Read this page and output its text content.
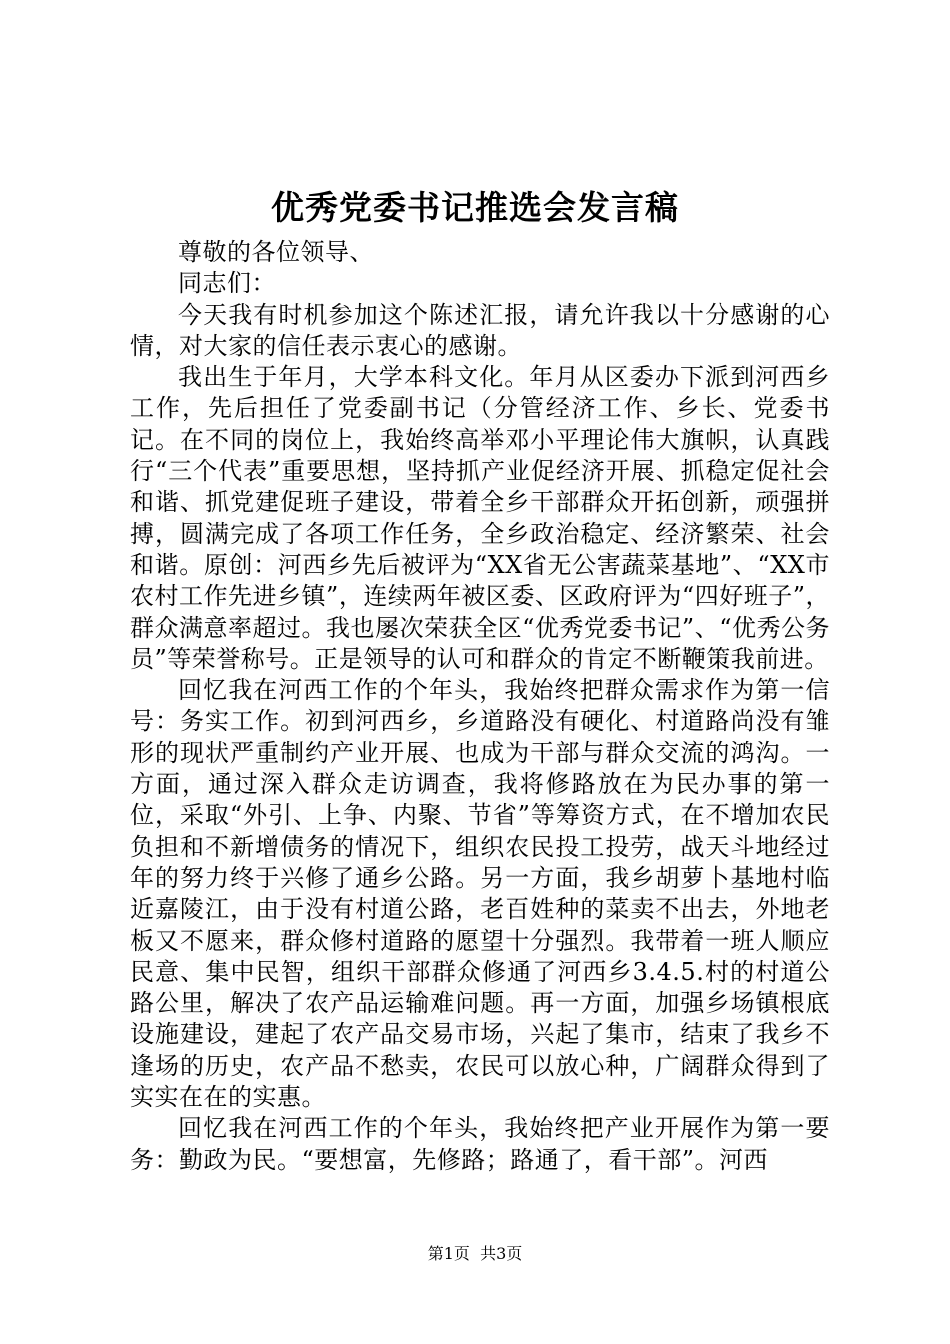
优秀党委书记推选会发言稿

尊敬的各位领导、

同志们：

今天我有时机参加这个陈述汇报，请允许我以十分感谢的心情，对大家的信任表示衷心的感谢。

我出生于年月，大学本科文化。年月从区委办下派到河西乡工作，先后担任了党委副书记（分管经济工作、乡长、党委书记。在不同的岗位上，我始终高举邓小平理论伟大旗帜，认真践行“三个代表”重要思想，坚持抓产业促经济开展、抓稳定促社会和谐、抓党建促班子建设，带着全乡干部群众开拓创新，顽强拼搏，圆满完成了各项工作任务，全乡政治稳定、经济繁荣、社会和谐。原创：河西乡先后被评为“XX省无公害蔬菜基地”、“XX市农村工作先进乡镇”，连续两年被区委、区政府评为“四好班子”，群众满意率超过。我也屡次荣获全区“优秀党委书记”、“优秀公务员”等荣誉称号。正是领导的认可和群众的肯定不断鞭策我前进。

回忆我在河西工作的个年头，我始终把群众需求作为第一信号：务实工作。初到河西乡，乡道路没有硬化、村道路尚没有雏形的现状严重制约产业开展、也成为干部与群众交流的鸿沟。一方面，通过深入群众走访调查，我将修路放在为民办事的第一位，采取“外引、上争、内聚、节省”等筹资方式，在不增加农民负担和不新增债务的情况下，组织农民投工投劳，战天斗地经过年的努力终于兴修了通乡公路。另一方面，我乡胡萝卜基地村临近嘉陵江，由于没有村道公路，老百姓种的菜卖不出去，外地老板又不愿来，群众修村道路的愿望十分强烈。我带着一班人顺应民意、集中民智，组织干部群众修通了河西乡3.4.5.村的村道公路公里，解决了农产品运输难问题。再一方面，加强乡场镇根底设施建设，建起了农产品交易市场，兴起了集市，结束了我乡不逢场的历史，农产品不愁卖，农民可以放心种，广阔群众得到了实实在在的实惠。

回忆我在河西工作的个年头，我始终把产业开展作为第一要务：勤政为民。“要想富，先修路；路通了，看干部”。河西

第1页 共3页
